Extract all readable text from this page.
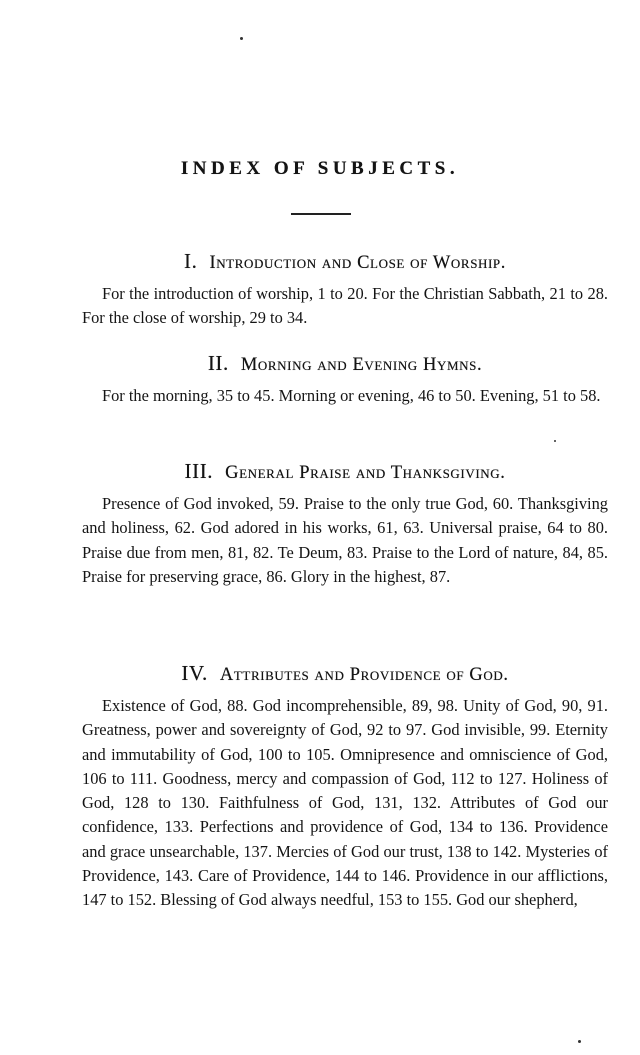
INDEX OF SUBJECTS.
I. Introduction and Close of Worship.

For the introduction of worship, 1 to 20. For the Christian Sabbath, 21 to 28. For the close of worship, 29 to 34.

II. Morning and Evening Hymns.

For the morning, 35 to 45. Morning or evening, 46 to 50. Evening, 51 to 58.

III. General Praise and Thanksgiving.

Presence of God invoked, 59. Praise to the only true God, 60. Thanksgiving and holiness, 62. God adored in his works, 61, 63. Universal praise, 64 to 80. Praise due from men, 81, 82. Te Deum, 83. Praise to the Lord of nature, 84, 85. Praise for preserving grace, 86. Glory in the highest, 87.

IV. Attributes and Providence of God.

Existence of God, 88. God incomprehensible, 89, 98. Unity of God, 90, 91. Greatness, power and sovereignty of God, 92 to 97. God invisible, 99. Eternity and immutability of God, 100 to 105. Omnipresence and omniscience of God, 106 to 111. Goodness, mercy and compassion of God, 112 to 127. Holiness of God, 128 to 130. Faithfulness of God, 131, 132. Attributes of God our confidence, 133. Perfections and providence of God, 134 to 136. Providence and grace unsearchable, 137. Mercies of God our trust, 138 to 142. Mysteries of Providence, 143. Care of Providence, 144 to 146. Providence in our afflictions, 147 to 152. Blessing of God always needful, 153 to 155. God our shepherd,
